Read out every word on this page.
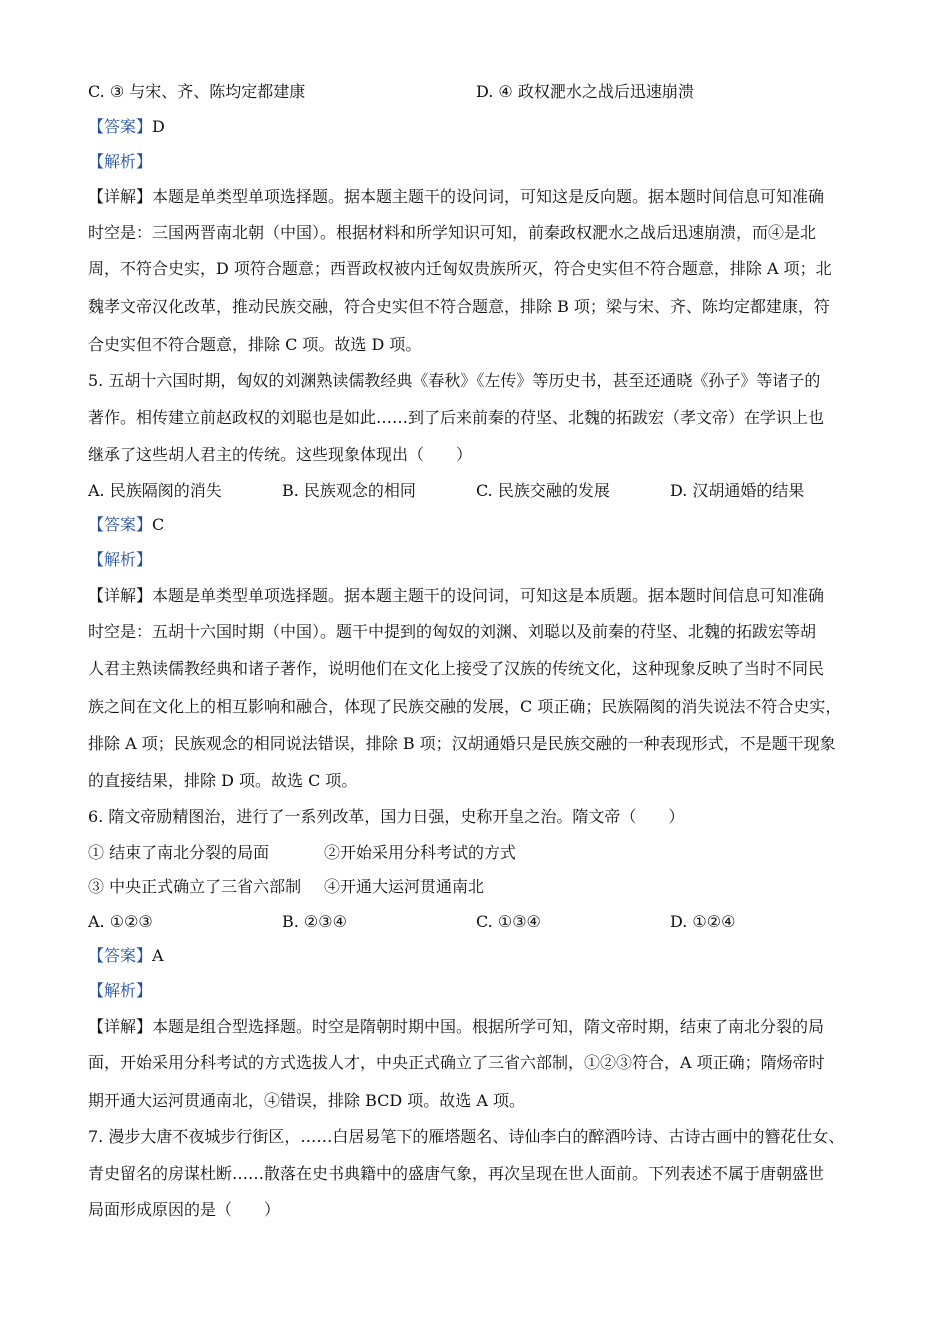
C. ③ 与宋、齐、陈均定都建康	D. ④ 政权淝水之战后迅速崩溃
【答案】D
【解析】
【详解】本题是单类型单项选择题。据本题主题干的设问词，可知这是反向题。据本题时间信息可知准确
时空是：三国两晋南北朝（中国）。根据材料和所学知识可知，前秦政权淝水之战后迅速崩溃，而④是北
周，不符合史实，D 项符合题意；西晋政权被内迁匈奴贵族所灭，符合史实但不符合题意，排除 A 项；北
魏孝文帝汉化改革，推动民族交融，符合史实但不符合题意，排除 B 项；梁与宋、齐、陈均定都建康，符
合史实但不符合题意，排除 C 项。故选 D 项。
5. 五胡十六国时期，匈奴的刘渊熟读儒教经典《春秋》《左传》等历史书，甚至还通晓《孙子》等诸子的
著作。相传建立前赵政权的刘聪也是如此……到了后来前秦的苻坚、北魏的拓跋宏（孝文帝）在学识上也
继承了这些胡人君主的传统。这些现象体现出（　　）
A. 民族隔阂的消失	B. 民族观念的相同	C. 民族交融的发展	D. 汉胡通婚的结果
【答案】C
【解析】
【详解】本题是单类型单项选择题。据本题主题干的设问词，可知这是本质题。据本题时间信息可知准确
时空是：五胡十六国时期（中国）。题干中提到的匈奴的刘渊、刘聪以及前秦的苻坚、北魏的拓跋宏等胡
人君主熟读儒教经典和诸子著作，说明他们在文化上接受了汉族的传统文化，这种现象反映了当时不同民
族之间在文化上的相互影响和融合，体现了民族交融的发展，C 项正确；民族隔阂的消失说法不符合史实，
排除 A 项；民族观念的相同说法错误，排除 B 项；汉胡通婚只是民族交融的一种表现形式，不是题干现象
的直接结果，排除 D 项。故选 C 项。
6. 隋文帝励精图治，进行了一系列改革，国力日强，史称开皇之治。隋文帝（　　）
① 结束了南北分裂的局面	②开始采用分科考试的方式
③ 中央正式确立了三省六部制 ④开通大运河贯通南北
A. ①②③	B. ②③④	C. ①③④	D. ①②④
【答案】A
【解析】
【详解】本题是组合型选择题。时空是隋朝时期中国。根据所学可知，隋文帝时期，结束了南北分裂的局
面，开始采用分科考试的方式选拔人才，中央正式确立了三省六部制，①②③符合，A 项正确；隋炀帝时
期开通大运河贯通南北，④错误，排除 BCD 项。故选 A 项。
7. 漫步大唐不夜城步行街区，……白居易笔下的雁塔题名、诗仙李白的醉酒吟诗、古诗古画中的簪花仕女、
青史留名的房谋杜断……散落在史书典籍中的盛唐气象，再次呈现在世人面前。下列表述不属于唐朝盛世
局面形成原因的是（　　）
